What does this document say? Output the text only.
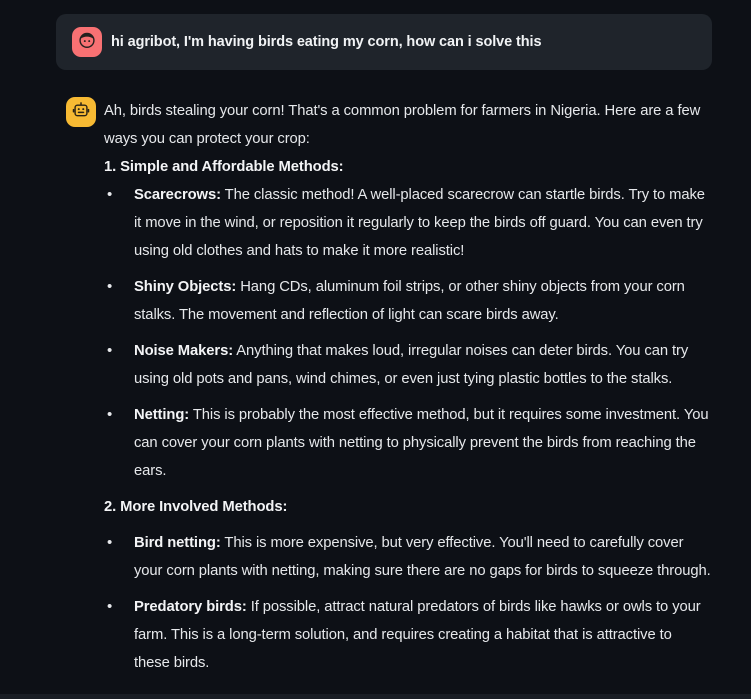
hi agribot, I'm having birds eating my corn, how can i solve this

Ah, birds stealing your corn! That's a common problem for farmers in Nigeria. Here are a few ways you can protect your crop:

1. Simple and Affordable Methods:

• Scarecrows: The classic method! A well-placed scarecrow can startle birds. Try to make it move in the wind, or reposition it regularly to keep the birds off guard. You can even try using old clothes and hats to make it more realistic!
• Shiny Objects: Hang CDs, aluminum foil strips, or other shiny objects from your corn stalks. The movement and reflection of light can scare birds away.
• Noise Makers: Anything that makes loud, irregular noises can deter birds. You can try using old pots and pans, wind chimes, or even just tying plastic bottles to the stalks.
• Netting: This is probably the most effective method, but it requires some investment. You can cover your corn plants with netting to physically prevent the birds from reaching the ears.

2. More Involved Methods:

• Bird netting: This is more expensive, but very effective. You'll need to carefully cover your corn plants with netting, making sure there are no gaps for birds to squeeze through.
• Predatory birds: If possible, attract natural predators of birds like hawks or owls to your farm. This is a long-term solution, and requires creating a habitat that is attractive to these birds.
